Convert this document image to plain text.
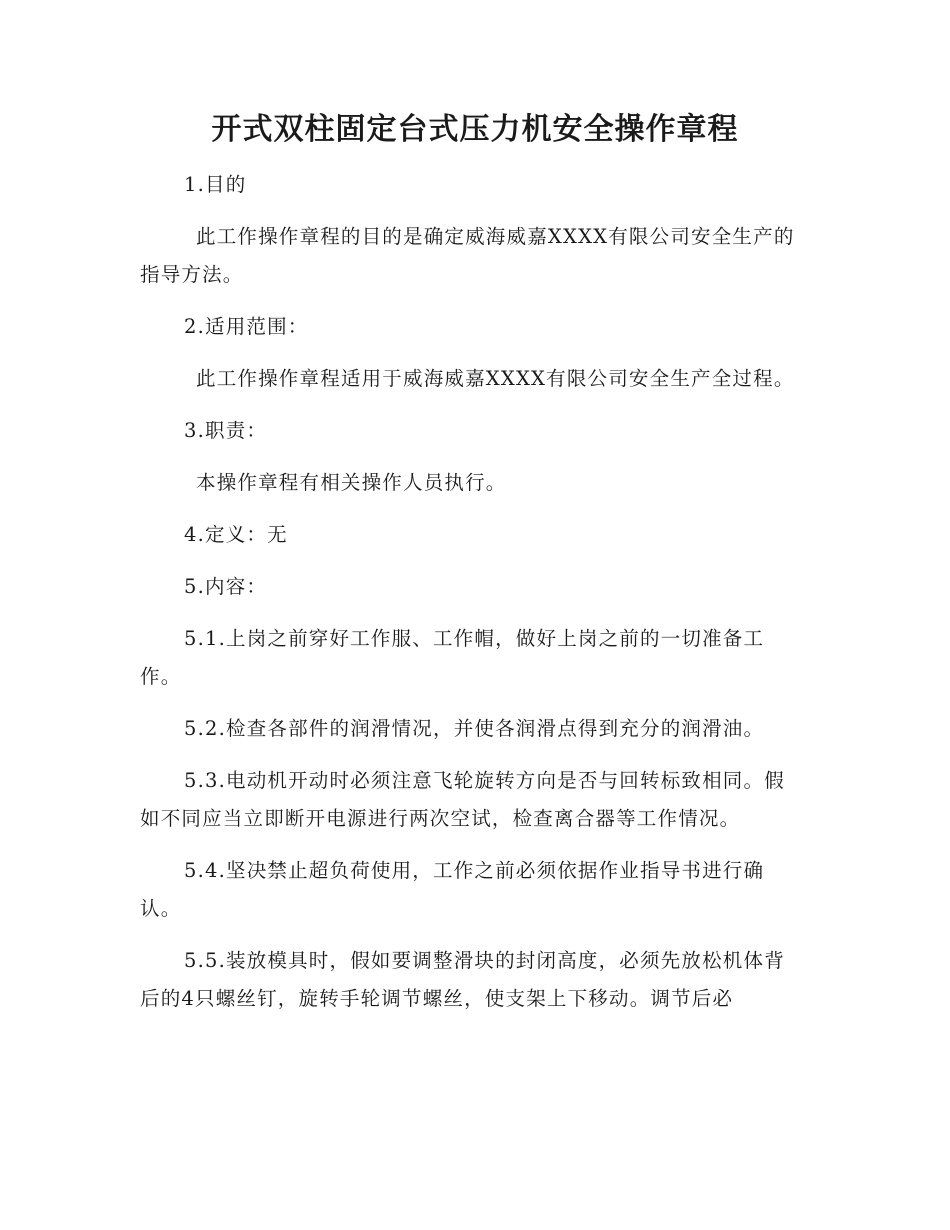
开式双柱固定台式压力机安全操作章程

1.目的

此工作操作章程的目的是确定威海威嘉XXXX有限公司安全生产的指导方法。

2.适用范围：

此工作操作章程适用于威海威嘉XXXX有限公司安全生产全过程。

3.职责：

本操作章程有相关操作人员执行。

4.定义：无

5.内容：

5.1.上岗之前穿好工作服、工作帽，做好上岗之前的一切准备工作。

5.2.检查各部件的润滑情况，并使各润滑点得到充分的润滑油。

5.3.电动机开动时必须注意飞轮旋转方向是否与回转标致相同。假如不同应当立即断开电源进行两次空试，检查离合器等工作情况。

5.4.坚决禁止超负荷使用，工作之前必须依据作业指导书进行确认。

5.5.装放模具时，假如要调整滑块的封闭高度，必须先放松机体背后的4只螺丝钉，旋转手轮调节螺丝，使支架上下移动。调节后必
